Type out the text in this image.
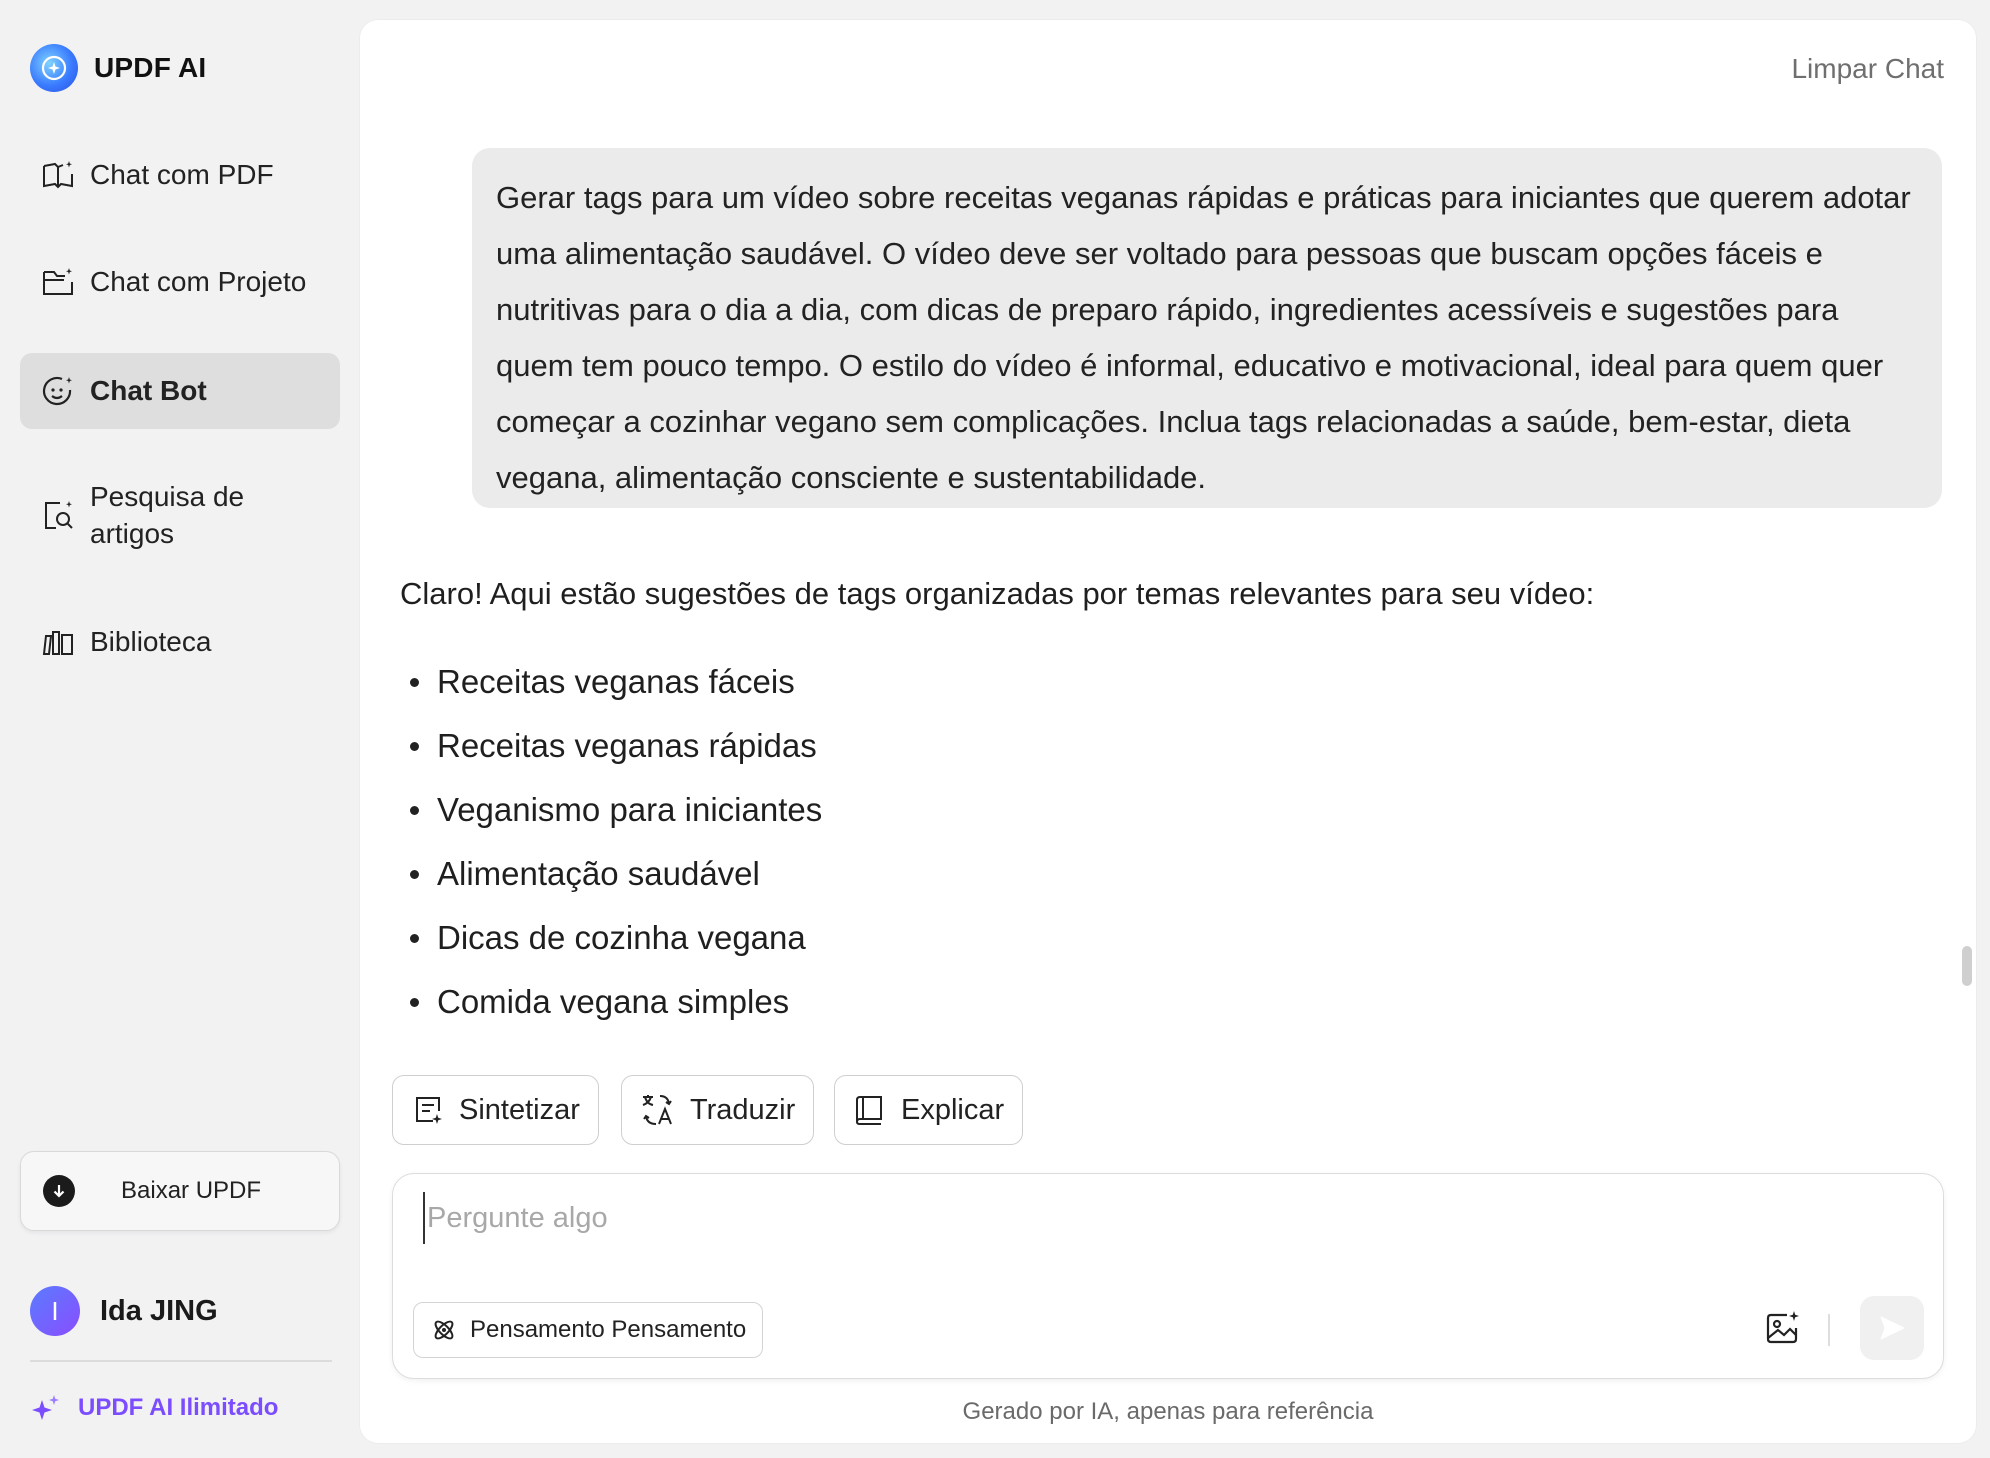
UPDF AI
Chat com PDF
Chat com Projeto
Chat Bot
Pesquisa de artigos
Biblioteca
Baixar UPDF
I	Ida JING
UPDF AI Ilimitado
Limpar Chat
Gerar tags para um vídeo sobre receitas veganas rápidas e práticas para iniciantes que querem adotar uma alimentação saudável. O vídeo deve ser voltado para pessoas que buscam opções fáceis e nutritivas para o dia a dia, com dicas de preparo rápido, ingredientes acessíveis e sugestões para quem tem pouco tempo. O estilo do vídeo é informal, educativo e motivacional, ideal para quem quer começar a cozinhar vegano sem complicações. Inclua tags relacionadas a saúde, bem-estar, dieta vegana, alimentação consciente e sustentabilidade.
Claro! Aqui estão sugestões de tags organizadas por temas relevantes para seu vídeo:
Receitas veganas fáceis
Receitas veganas rápidas
Veganismo para iniciantes
Alimentação saudável
Dicas de cozinha vegana
Comida vegana simples
Sintetizar	Traduzir	Explicar
Pergunte algo
Pensamento Pensamento
Gerado por IA, apenas para referência
